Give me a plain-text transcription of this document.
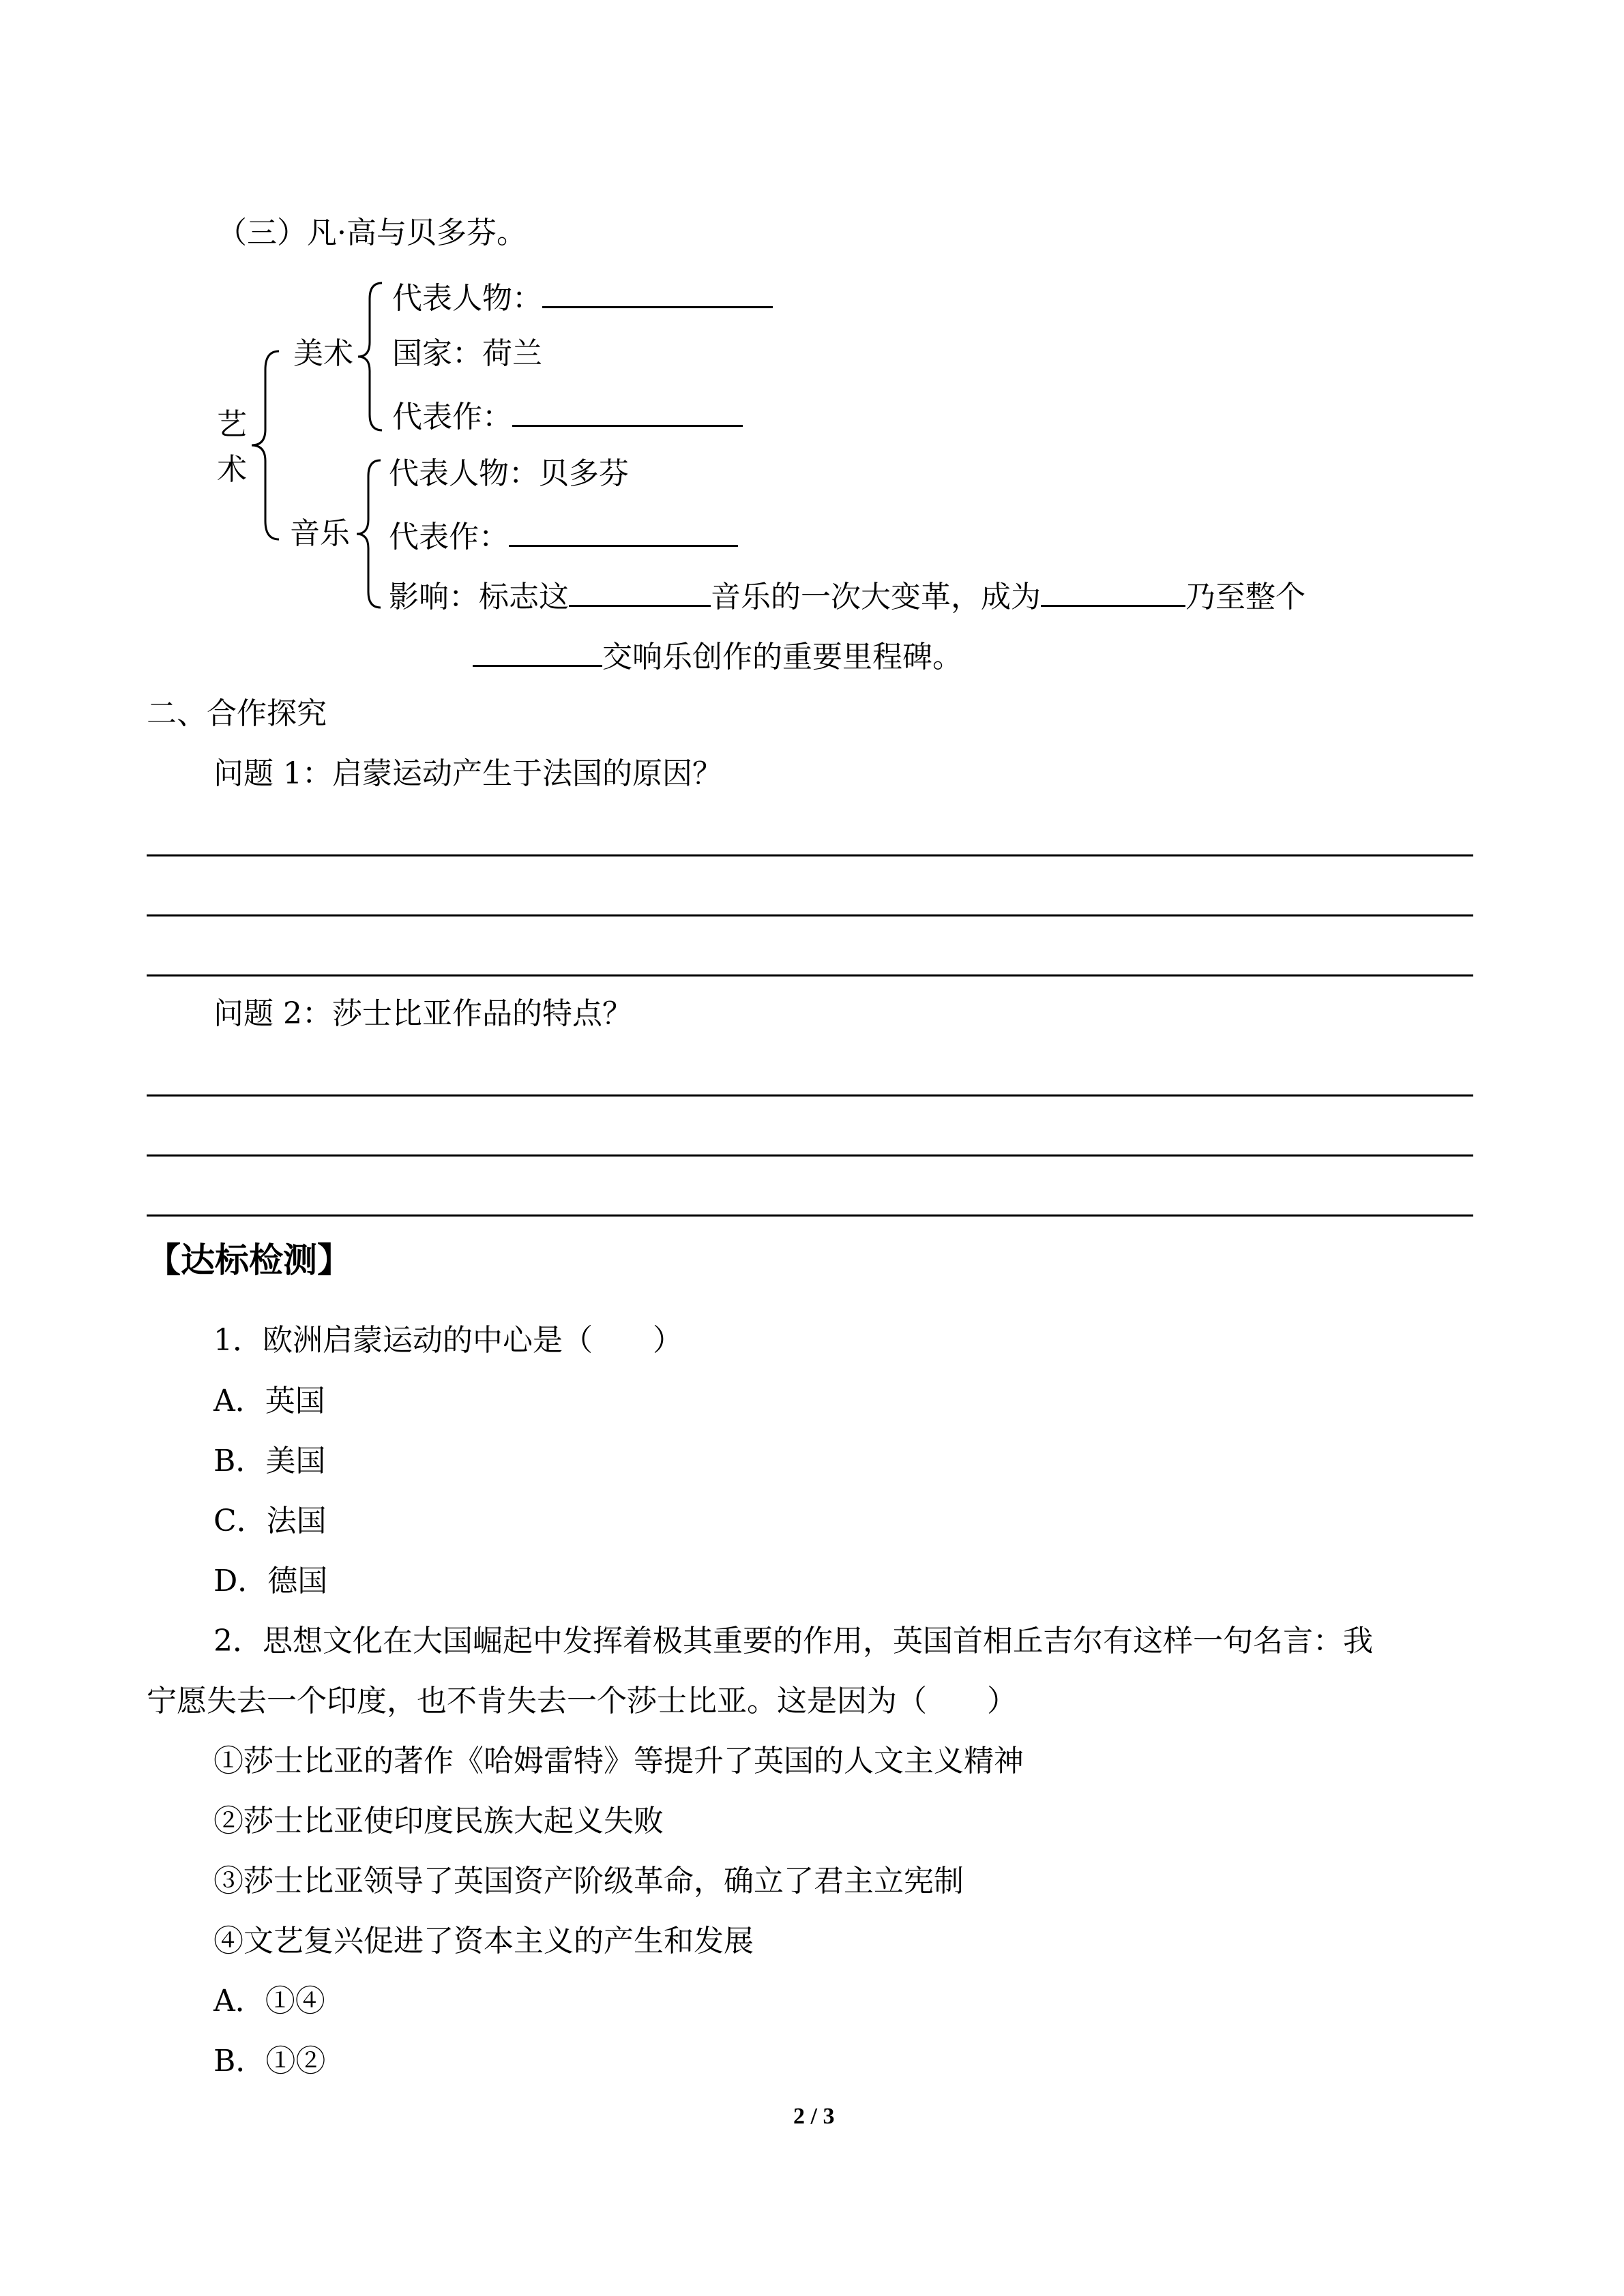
（三）凡·高与贝多芬。
艺
术
美术
代表人物：
国家：荷兰
代表作：
音乐
代表人物：贝多芬
代表作：
影响：标志这	音乐的一次大变革，成为	乃至整个
交响乐创作的重要里程碑。
二、合作探究
问题 1：启蒙运动产生于法国的原因？
问题 2：莎士比亚作品的特点？
【达标检测】
1．欧洲启蒙运动的中心是（　　）
A．英国
B．美国
C．法国
D．德国
2．思想文化在大国崛起中发挥着极其重要的作用，英国首相丘吉尔有这样一句名言：我
宁愿失去一个印度，也不肯失去一个莎士比亚。这是因为（　　）
①莎士比亚的著作《哈姆雷特》等提升了英国的人文主义精神
②莎士比亚使印度民族大起义失败
③莎士比亚领导了英国资产阶级革命，确立了君主立宪制
④文艺复兴促进了资本主义的产生和发展
A．①④
B．①②
2 / 3
